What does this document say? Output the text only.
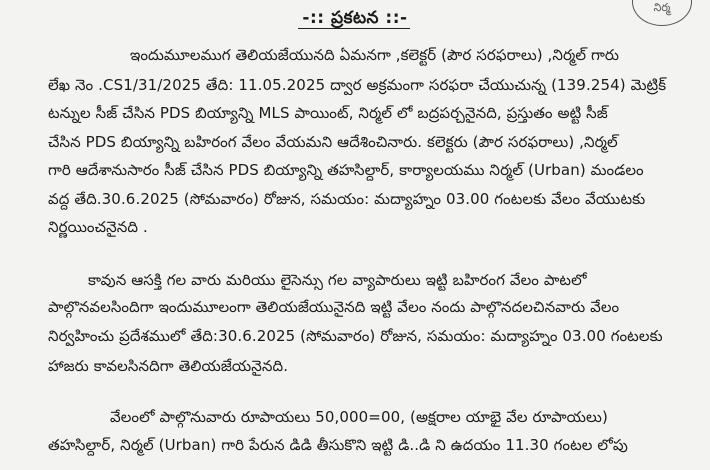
-:: ప్రకటన ::-
నిర్మ
ఇందుమూలముగ తెలియజేయునది ఏమనగా ,కలెక్టర్ (పౌర సరఫరాలు) ,నిర్మల్ గారు
లేఖ నెం .CS1/31/2025 తేది: 11.05.2025 ద్వార అక్రమంగా సరఫరా చేయుచున్న (139.254) మెట్రిక్
టన్నుల సీజ్ చేసిన PDS బియ్యాన్ని MLS పాయింట్, నిర్మల్ లో బద్రపర్చనైనది, ప్రస్తుతం అట్టి సీజ్
చేసిన PDS బియ్యాన్ని బహిరంగ వేలం వేయమని ఆదేశించినారు. కలెక్టరు (పౌర సరఫరాలు) ,నిర్మల్
గారి ఆదేశానుసారం సీజ్ చేసిన PDS బియ్యాన్ని తహసిల్దార్, కార్యాలయము నిర్మల్ (Urban) మండలం
వద్ద తేది.30.6.2025 (సోమవారం) రోజున, సమయం: మద్యాహ్నం 03.00 గంటలకు వేలం వేయుటకు
నిర్ణయించనైనది .
కావున ఆసక్తి గల వారు మరియు లైసెన్సు గల వ్యాపారులు ఇట్టి బహిరంగ వేలం పాటలో
పాల్గొనవలసిందిగా ఇందుమూలంగా తెలియజేయునైనది ఇట్టి వేలం నందు పాల్గొనదలచినవారు వేలం
నిర్వహించు ప్రదేశములో తేది:30.6.2025 (సోమవారం) రోజున, సమయం: మద్యాహ్నం 03.00 గంటలకు
హాజరు కావలసినదిగా తెలియజేయనైనది.
వేలంలో పాల్గొనువారు రూపాయలు 50,000=00, (అక్షరాల యాభై వేల రూపాయలు)
తహసిల్దార్, నిర్మల్ (Urban) గారి పేరున డిడి తీసుకొని ఇట్టి డి..డి ని ఉదయం 11.30 గంటల లోపు
